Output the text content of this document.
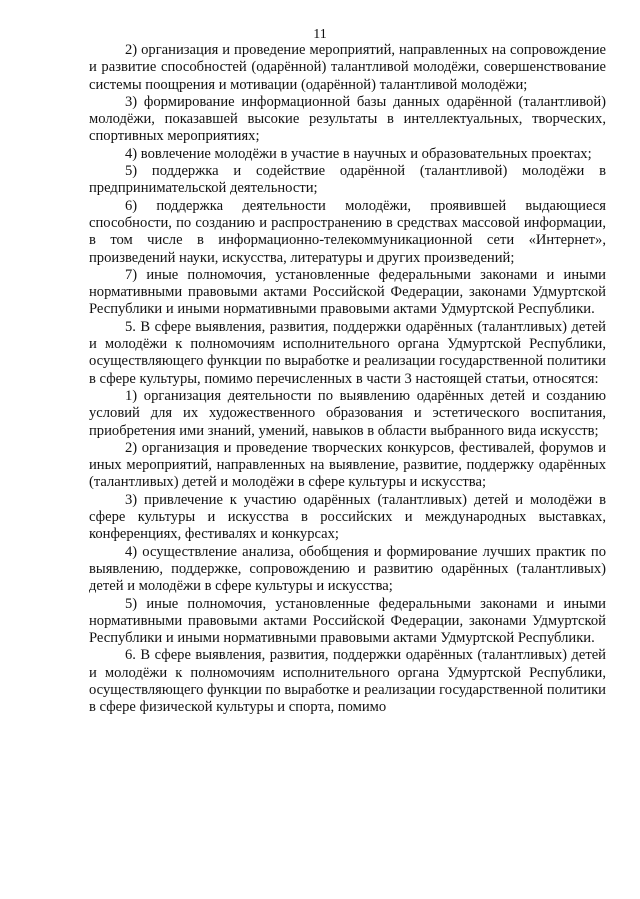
11

2) организация и проведение мероприятий, направленных на сопровождение и развитие способностей (одарённой) талантливой молодёжи, совершенствование системы поощрения и мотивации (одарённой) талантливой молодёжи;

3) формирование информационной базы данных одарённой (талантливой) молодёжи, показавшей высокие результаты в интеллектуальных, творческих, спортивных мероприятиях;

4) вовлечение молодёжи в участие в научных и образовательных проектах;

5) поддержка и содействие одарённой (талантливой) молодёжи в предпринимательской деятельности;

6) поддержка деятельности молодёжи, проявившей выдающиеся способности, по созданию и распространению в средствах массовой информации, в том числе в информационно-телекоммуникационной сети «Интернет», произведений науки, искусства, литературы и других произведений;

7) иные полномочия, установленные федеральными законами и иными нормативными правовыми актами Российской Федерации, законами Удмуртской Республики и иными нормативными правовыми актами Удмуртской Республики.

5. В сфере выявления, развития, поддержки одарённых (талантливых) детей и молодёжи к полномочиям исполнительного органа Удмуртской Республики, осуществляющего функции по выработке и реализации государственной политики в сфере культуры, помимо перечисленных в части 3 настоящей статьи, относятся:

1) организация деятельности по выявлению одарённых детей и созданию условий для их художественного образования и эстетического воспитания, приобретения ими знаний, умений, навыков в области выбранного вида искусств;

2) организация и проведение творческих конкурсов, фестивалей, форумов и иных мероприятий, направленных на выявление, развитие, поддержку одарённых (талантливых) детей и молодёжи в сфере культуры и искусства;

3) привлечение к участию одарённых (талантливых) детей и молодёжи в сфере культуры и искусства в российских и международных выставках, конференциях, фестивалях и конкурсах;

4) осуществление анализа, обобщения и формирование лучших практик по выявлению, поддержке, сопровождению и развитию одарённых (талантливых) детей и молодёжи в сфере культуры и искусства;

5) иные полномочия, установленные федеральными законами и иными нормативными правовыми актами Российской Федерации, законами Удмуртской Республики и иными нормативными правовыми актами Удмуртской Республики.

6. В сфере выявления, развития, поддержки одарённых (талантливых) детей и молодёжи к полномочиям исполнительного органа Удмуртской Республики, осуществляющего функции по выработке и реализации государственной политики в сфере физической культуры и спорта, помимо
